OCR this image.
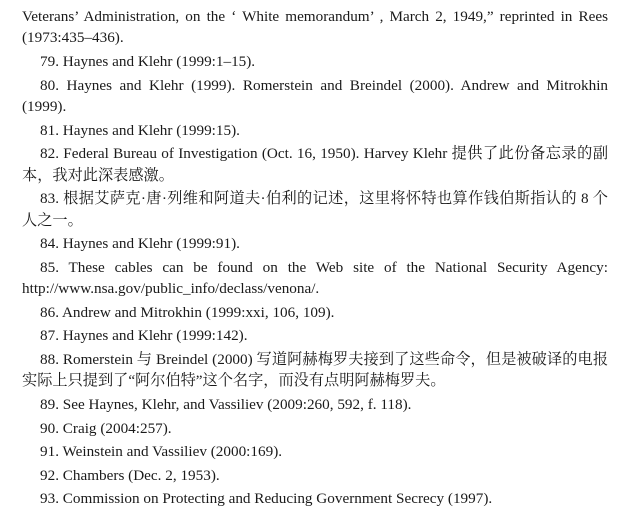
Veterans’ Administration, on the ‘ White memorandum’ , March 2, 1949,” reprinted in Rees (1973:435–436).

79. Haynes and Klehr (1999:1–15).

80. Haynes and Klehr (1999). Romerstein and Breindel (2000). Andrew and Mitrokhin (1999).

81. Haynes and Klehr (1999:15).

82. Federal Bureau of Investigation (Oct. 16, 1950). Harvey Klehr 提供了此份备忘录的副本，我对此深表感激。

83. 根据艾萨克·唐·列维和阿道夫·伯利的记述，这里将怀特也算作钱伯斯指认的 8 个人之一。

84. Haynes and Klehr (1999:91).

85. These cables can be found on the Web site of the National Security Agency: http://www.nsa.gov/public_info/declass/venona/.

86. Andrew and Mitrokhin (1999:xxi, 106, 109).

87. Haynes and Klehr (1999:142).

88. Romerstein 与 Breindel (2000) 写道阿赫梅罗夫接到了这些命令，但是被破译的电报实际上只提到了“阿尔伯特”这个名字，而没有点明阿赫梅罗夫。

89. See Haynes, Klehr, and Vassiliev (2009:260, 592, f. 118).

90. Craig (2004:257).

91. Weinstein and Vassiliev (2000:169).

92. Chambers (Dec. 2, 1953).

93. Commission on Protecting and Reducing Government Secrecy (1997).
